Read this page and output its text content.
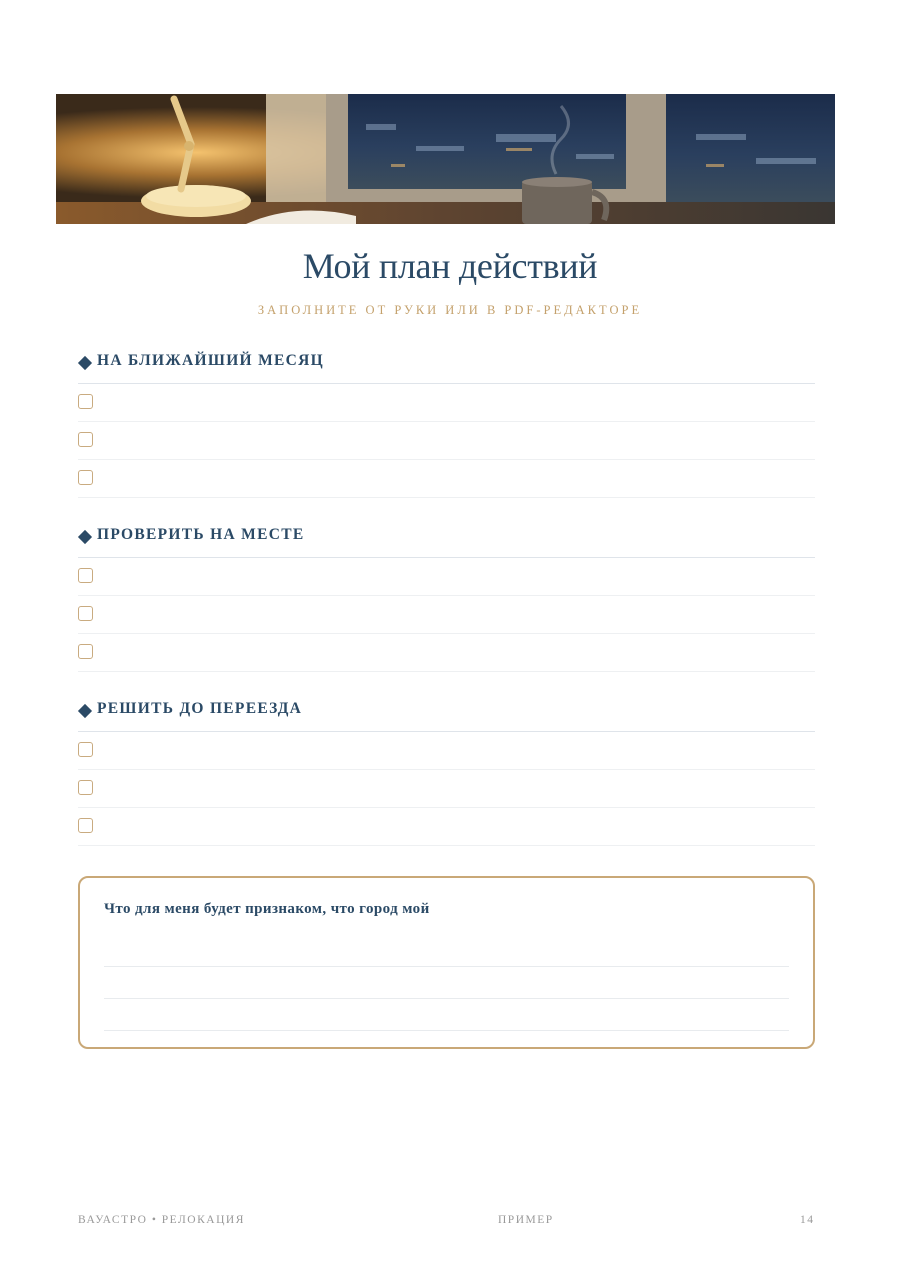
Мой план действий
ЗАПОЛНИТЕ ОТ РУКИ ИЛИ В PDF-РЕДАКТОРЕ
НА БЛИЖАЙШИЙ МЕСЯЦ
ПРОВЕРИТЬ НА МЕСТЕ
РЕШИТЬ ДО ПЕРЕЕЗДА
Что для меня будет признаком, что город мой
ВАУАСТРО • РЕЛОКАЦИЯ	ПРИМЕР	14
